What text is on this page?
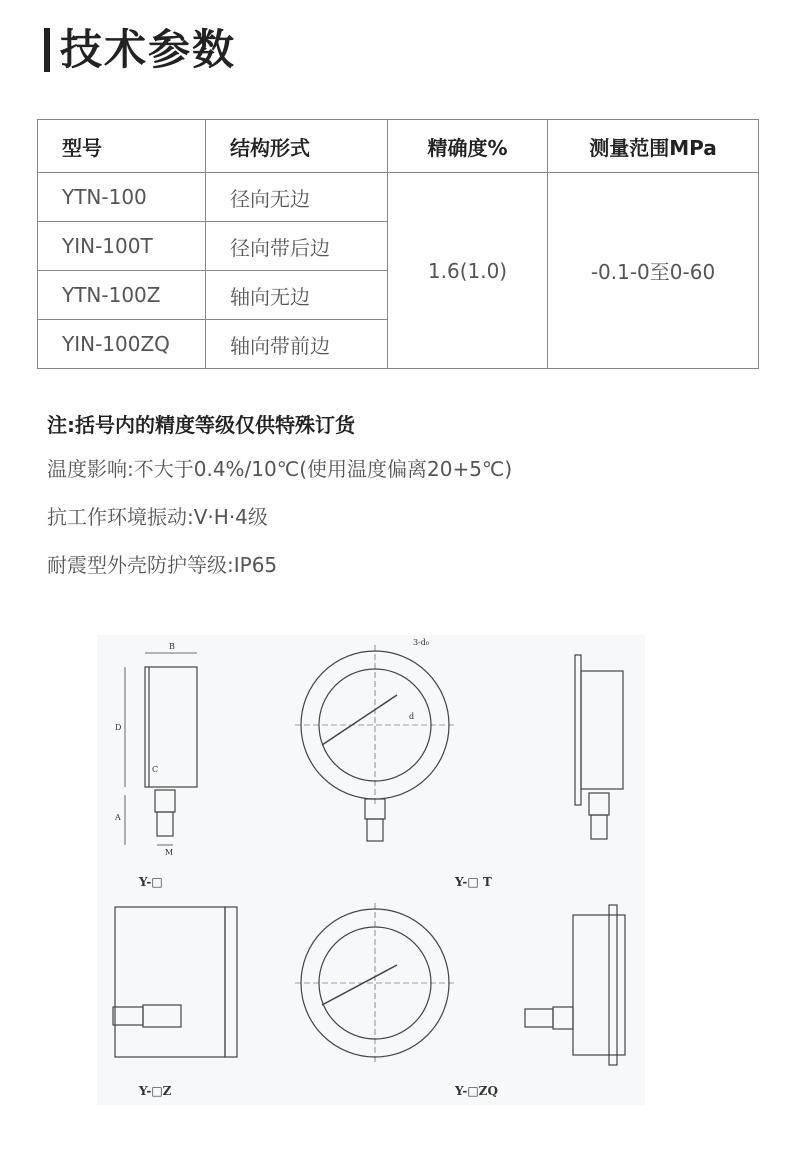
技术参数
型号	结构形式	精确度%	测量范围MPa
YTN-100	径向无边	1.6(1.0)	-0.1-0至0-60
YIN-100T	径向带后边		
YTN-100Z	轴向无边		
YIN-100ZQ	轴向带前边		
注:括号内的精度等级仅供特殊订货
温度影响:不大于0.4%/10℃(使用温度偏离20+5℃)
抗工作环境振动:V·H·4级
耐震型外壳防护等级:IP65
B
D
C
A
M
Y-□
3-d₀
d
Y-□ T
Y-□Z	Y-□ZQ
